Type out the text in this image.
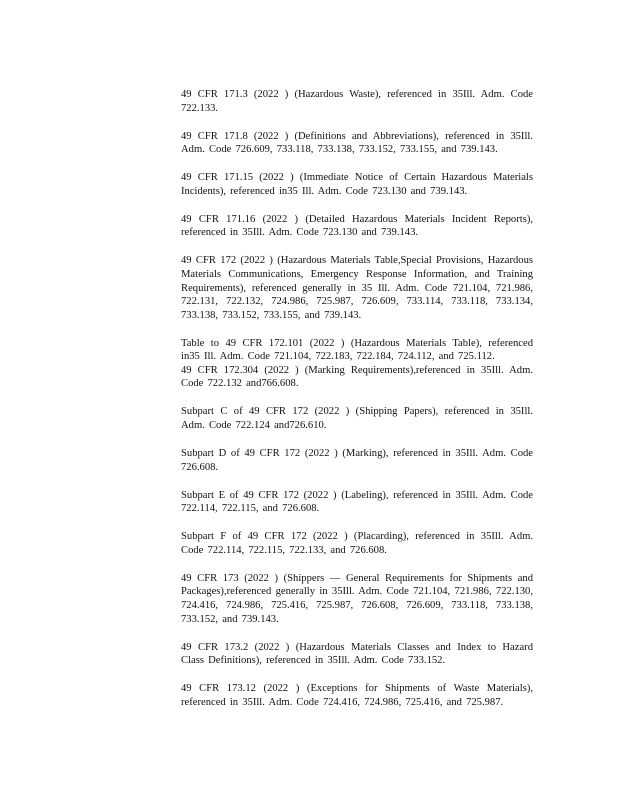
49 CFR 171.3 (2022 ) (Hazardous Waste), referenced in 35Ill. Adm. Code 722.133.

49 CFR 171.8 (2022 ) (Definitions and Abbreviations), referenced in 35Ill. Adm. Code 726.609, 733.118, 733.138, 733.152, 733.155, and 739.143.

49 CFR 171.15 (2022 ) (Immediate Notice of Certain Hazardous Materials Incidents), referenced in35 Ill. Adm. Code 723.130 and 739.143.

49 CFR 171.16 (2022 ) (Detailed Hazardous Materials Incident Reports), referenced in 35Ill. Adm. Code 723.130 and 739.143.

49 CFR 172 (2022 ) (Hazardous Materials Table,Special Provisions, Hazardous Materials Communications, Emergency Response Information, and Training Requirements), referenced generally in 35 Ill. Adm. Code 721.104, 721.986, 722.131, 722.132, 724.986, 725.987, 726.609, 733.114, 733.118, 733.134, 733.138, 733.152, 733.155, and 739.143.

Table to 49 CFR 172.101 (2022 ) (Hazardous Materials Table), referenced in35 Ill. Adm. Code 721.104, 722.183, 722.184, 724.112, and 725.112.

49 CFR 172.304 (2022 ) (Marking Requirements),referenced in 35Ill. Adm. Code 722.132 and766.608.

Subpart C of 49 CFR 172 (2022 ) (Shipping Papers), referenced in 35Ill. Adm. Code 722.124 and726.610.

Subpart D of 49 CFR 172 (2022 ) (Marking), referenced in 35Ill. Adm. Code 726.608.

Subpart E of 49 CFR 172 (2022 ) (Labeling), referenced in 35Ill. Adm. Code 722.114, 722.115, and 726.608.

Subpart F of 49 CFR 172 (2022 ) (Placarding), referenced in 35Ill. Adm. Code 722.114, 722.115, 722.133, and 726.608.

49 CFR 173 (2022 ) (Shippers — General Requirements for Shipments and Packages),referenced generally in 35Ill. Adm. Code 721.104, 721.986, 722.130, 724.416, 724.986, 725.416, 725.987, 726.608, 726.609, 733.118, 733.138, 733.152, and 739.143.

49 CFR 173.2 (2022 ) (Hazardous Materials Classes and Index to Hazard Class Definitions), referenced in 35Ill. Adm. Code 733.152.

49 CFR 173.12 (2022 ) (Exceptions for Shipments of Waste Materials), referenced in 35Ill. Adm. Code 724.416, 724.986, 725.416, and 725.987.
